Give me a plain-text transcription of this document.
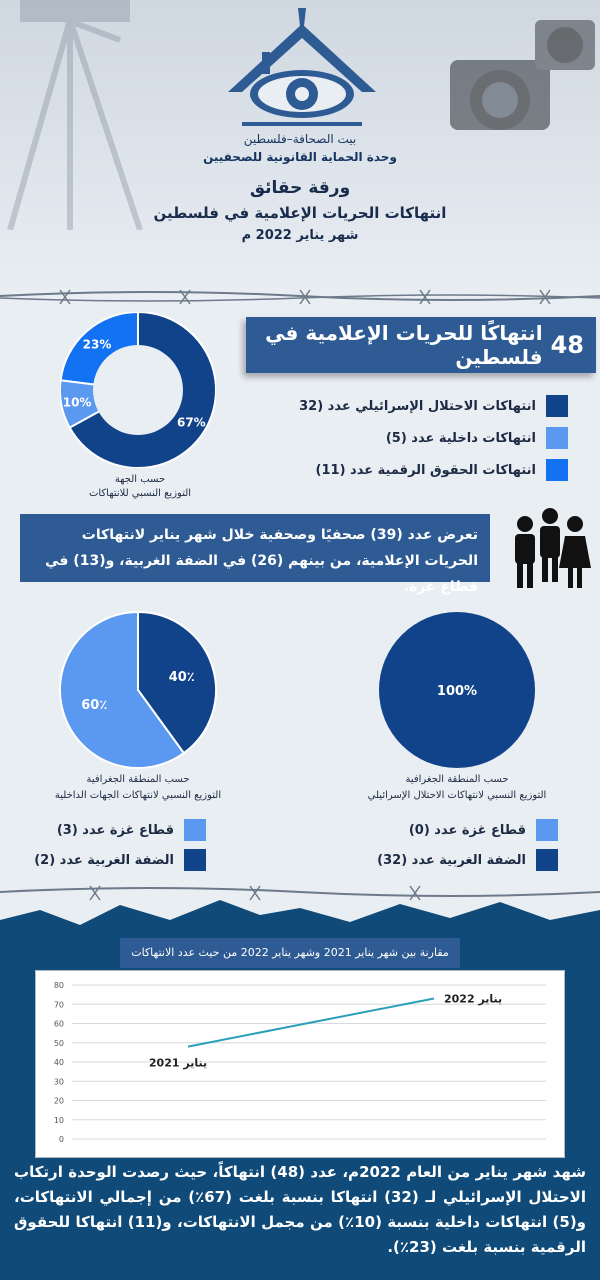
بيت الصحافة–فلسطين
وحدة الحماية القانونية للصحفيين
ورقة حقائق
انتهاكات الحريات الإعلامية في فلسطين
شهر يناير 2022 م
48
انتهاكًا للحريات الإعلامية في فلسطين
67%
10%
23%
حسب الجهة
التوزيع النسبي للانتهاكات
انتهاكات الاحتلال الإسرائيلي عدد (32
انتهاكات داخلية عدد (5)
انتهاكات الحقوق الرقمية عدد (11)
تعرض عدد (39) صحفيًا وصحفية خلال شهر يناير لانتهاكات الحريات الإعلامية، من بينهم (26) في الضفة الغربية، و(13) في قطاع غزة.
40٪
60٪
حسب المنطقة الجغرافية
التوزيع النسبي لانتهاكات الجهات الداخلية
100%
حسب المنطقة الجغرافية
التوزيع النسبي لانتهاكات الاحتلال الإسرائيلي
قطاع غزة عدد (3)
الضفة الغربية عدد (2)
قطاع غزة عدد (0)
الضفة الغربية عدد (32)
مقارنة بين شهر يناير 2021 وشهر يناير 2022 من حيث عدد الانتهاكات
0
10
20
30
40
50
60
70
80
يناير 2021
يناير 2022
شهد شهر يناير من العام 2022م، عدد (48) انتهاكاً، حيث رصدت الوحدة ارتكاب الاحتلال الإسرائيلي لـ (32) انتهاكا بنسبة بلغت (67٪) من إجمالي الانتهاكات، و(5) انتهاكات داخلية بنسبة (10٪) من مجمل الانتهاكات، و(11) انتهاكا للحقوق الرقمية بنسبة بلغت (23٪).
